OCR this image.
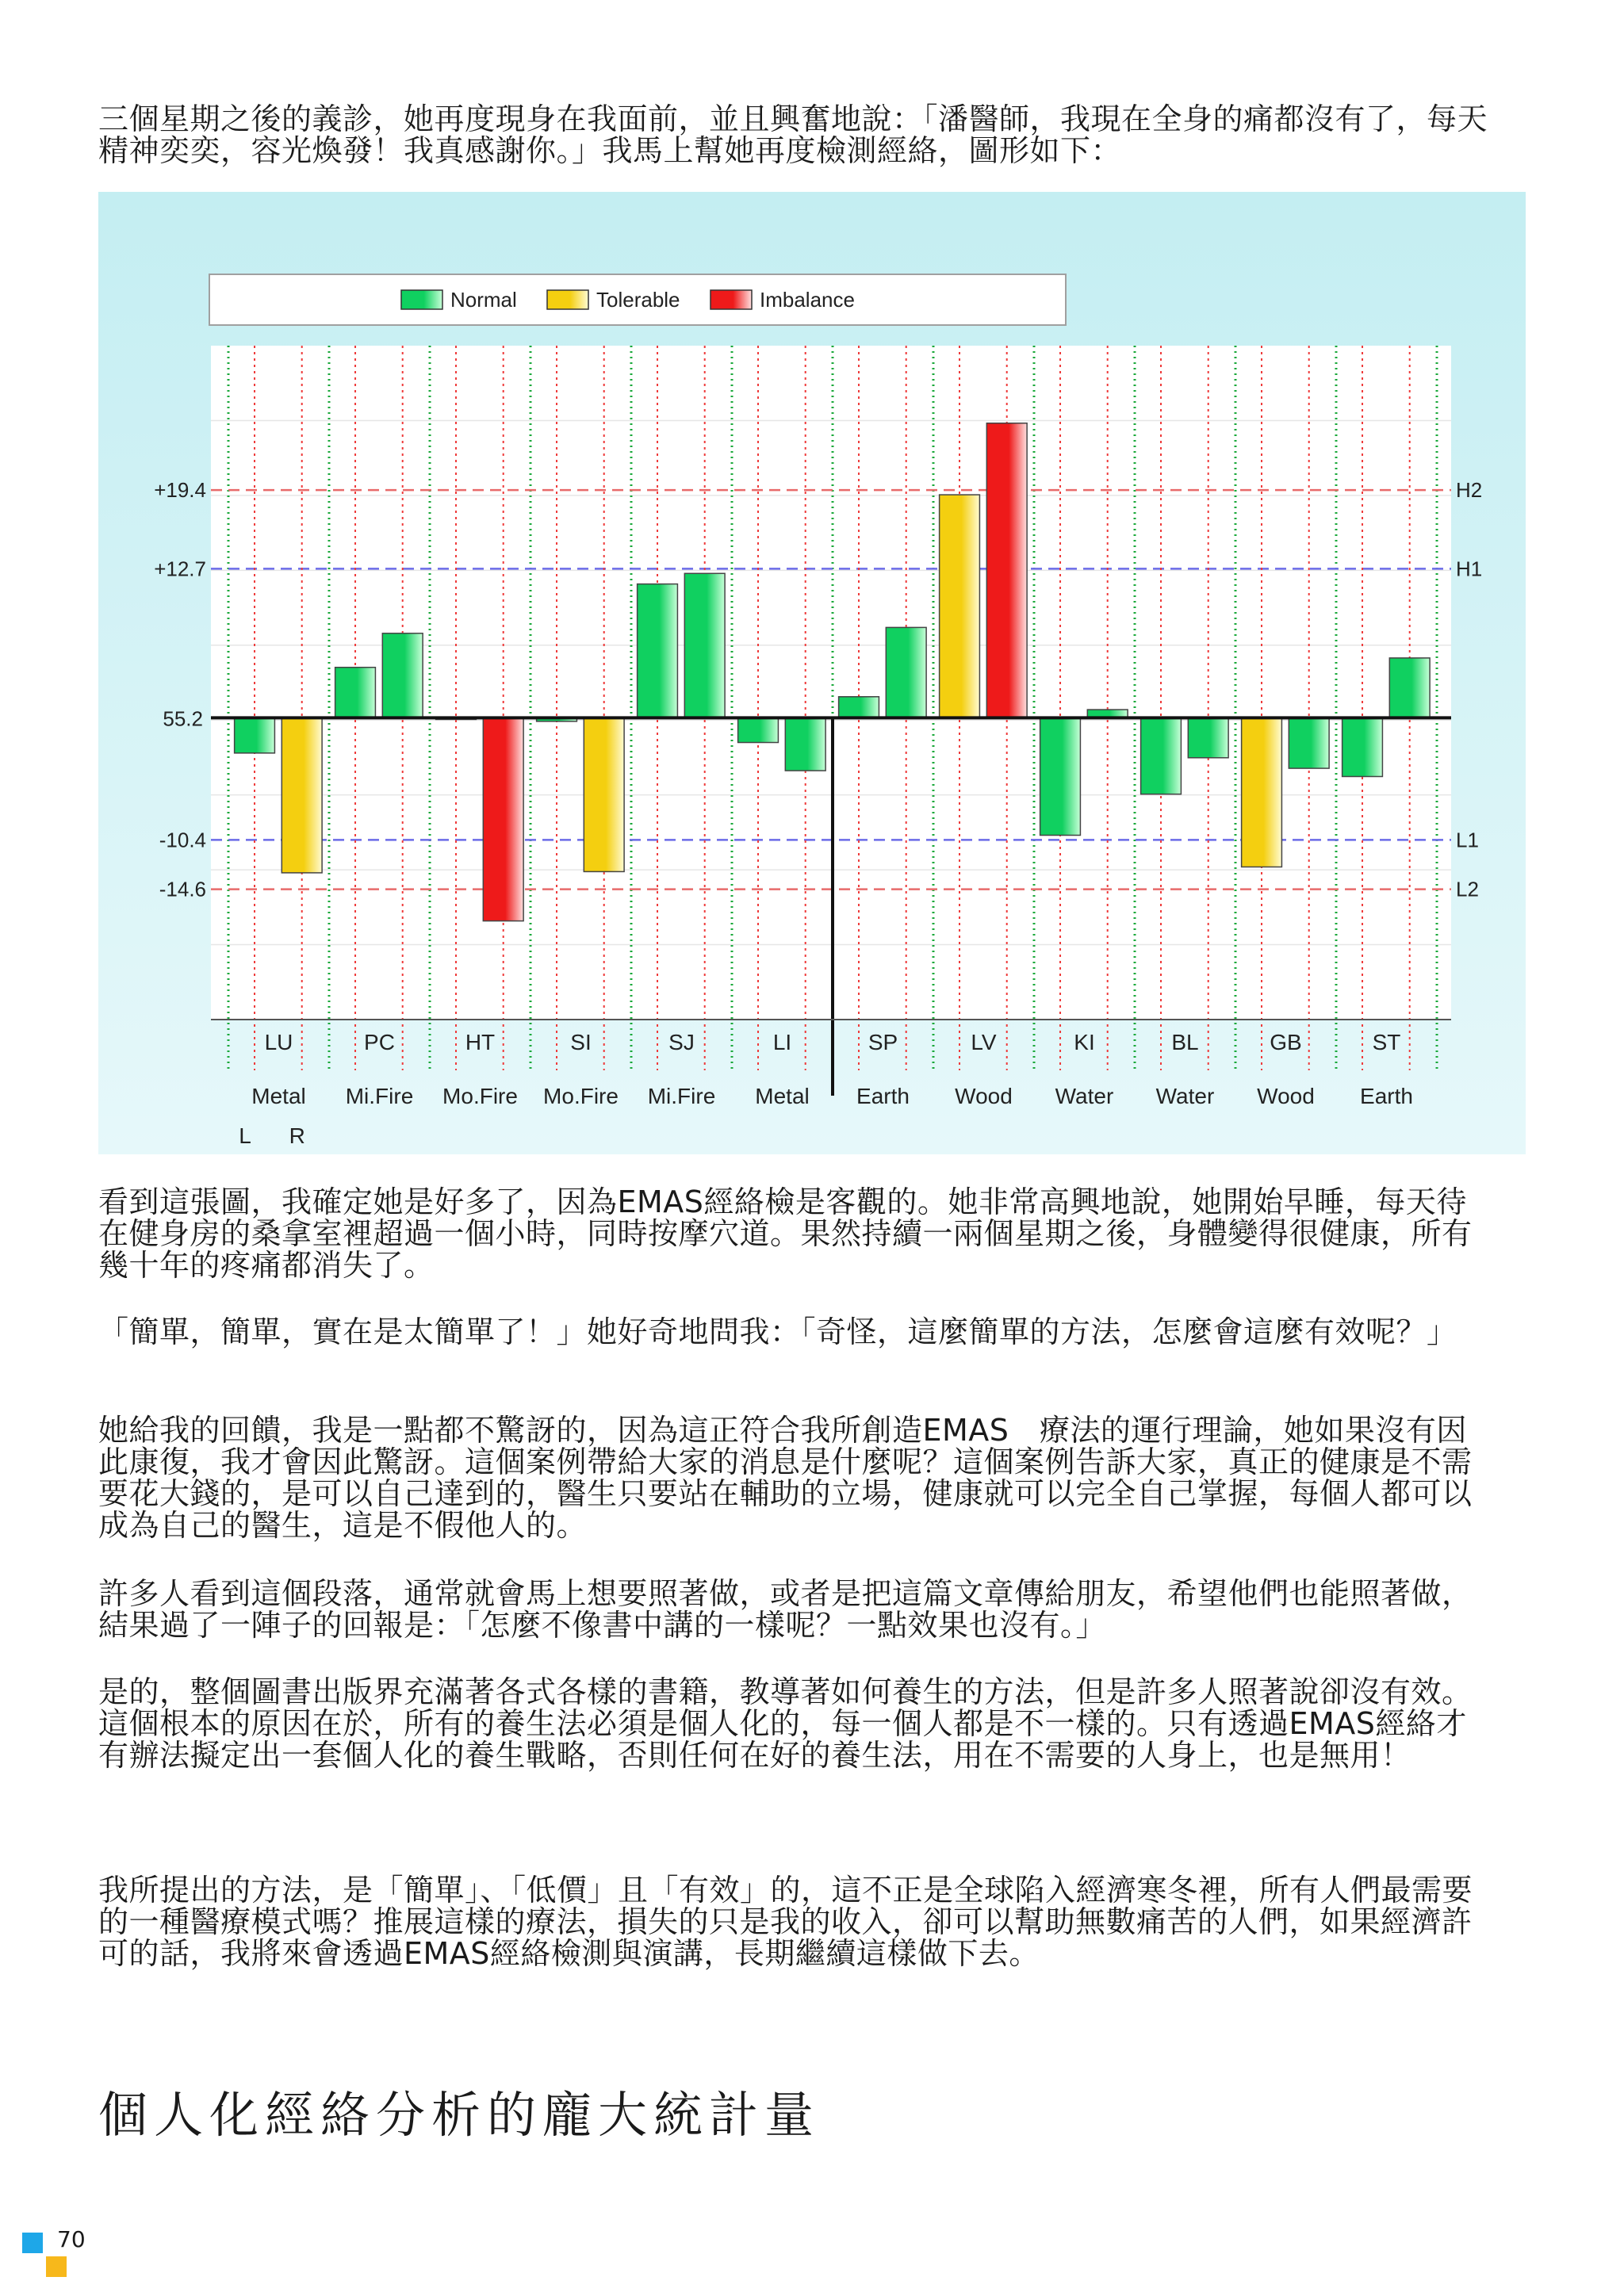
三個星期之後的義診，她再度現身在我面前，並且興奮地說：「潘醫師，我現在全身的痛都沒有了，每天精神奕奕，容光煥發！我真感謝你。」我馬上幫她再度檢測經絡，圖形如下：

Normal	Tolerable	Imbalance
+19.4	H2
+12.7	H1
-10.4	L1
-14.6	L2
LU
Metal
PC
Mi.Fire
HT
Mo.Fire
SI
Mo.Fire
SJ
Mi.Fire
LI
Metal
SP
Earth
LV
Wood
KI
Water
BL
Water
GB
Wood
ST
Earth
55.2
L R

看到這張圖，我確定她是好多了，因為EMAS經絡檢是客觀的。她非常高興地說，她開始早睡，每天待在健身房的桑拿室裡超過一個小時，同時按摩穴道。果然持續一兩個星期之後，身體變得很健康，所有幾十年的疼痛都消失了。

「簡單，簡單，實在是太簡單了！」她好奇地問我：「奇怪，這麼簡單的方法，怎麼會這麼有效呢？」

她給我的回饋，我是一點都不驚訝的，因為這正符合我所創造EMAS　療法的運行理論，她如果沒有因此康復，我才會因此驚訝。這個案例帶給大家的消息是什麼呢？這個案例告訴大家，真正的健康是不需要花大錢的，是可以自己達到的，醫生只要站在輔助的立場，健康就可以完全自己掌握，每個人都可以成為自己的醫生，這是不假他人的。

許多人看到這個段落，通常就會馬上想要照著做，或者是把這篇文章傳給朋友，希望他們也能照著做，結果過了一陣子的回報是：「怎麼不像書中講的一樣呢？一點效果也沒有。」

是的，整個圖書出版界充滿著各式各樣的書籍，教導著如何養生的方法，但是許多人照著說卻沒有效。這個根本的原因在於，所有的養生法必須是個人化的，每一個人都是不一樣的。只有透過EMAS經絡才有辦法擬定出一套個人化的養生戰略，否則任何在好的養生法，用在不需要的人身上，也是無用！

我所提出的方法，是「簡單」、「低價」且「有效」的，這不正是全球陷入經濟寒冬裡，所有人們最需要的一種醫療模式嗎？推展這樣的療法，損失的只是我的收入，卻可以幫助無數痛苦的人們，如果經濟許可的話，我將來會透過EMAS經絡檢測與演講，長期繼續這樣做下去。

個人化經絡分析的龐大統計量
70
